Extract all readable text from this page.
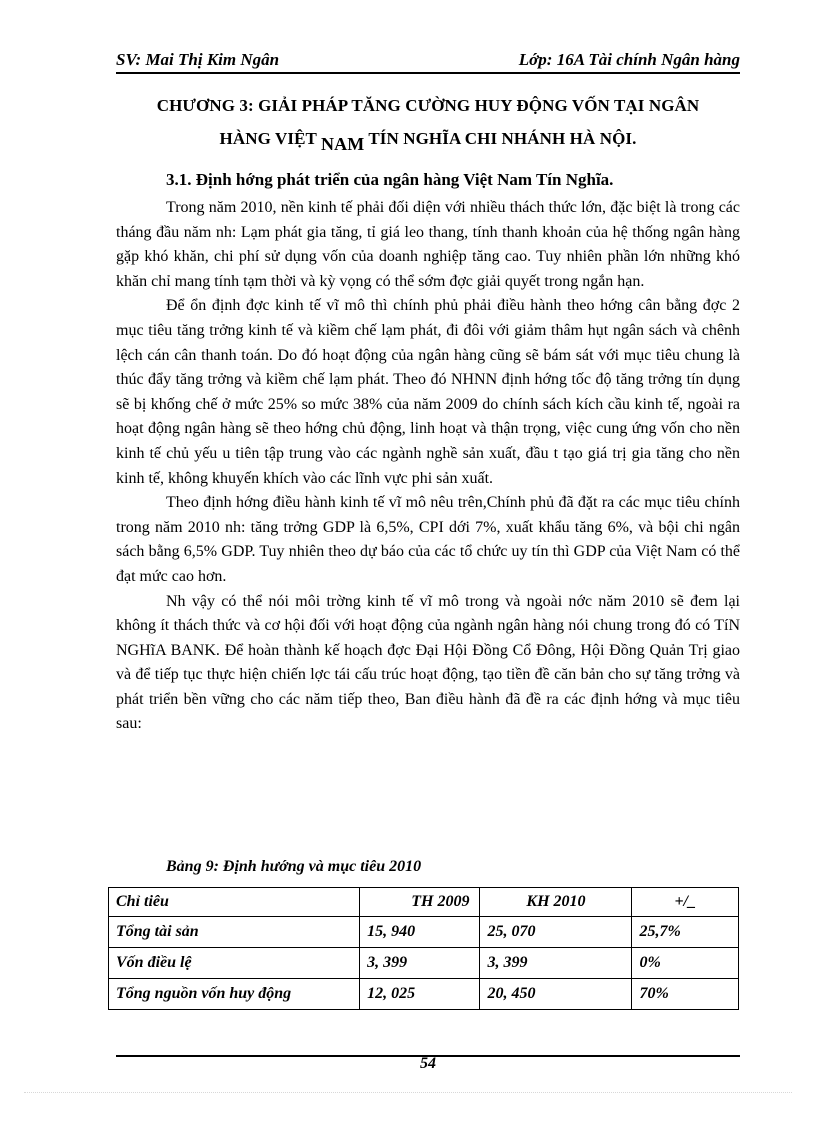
SV: Mai Thị Kim Ngân	Lớp: 16A Tài chính Ngân hàng
CHƯƠNG 3: GIẢI PHÁP TĂNG CƯỜNG HUY ĐỘNG VỐN TẠI NGÂN
HÀNG VIỆT NAM TÍN NGHĨA CHI NHÁNH HÀ NỘI.
3.1. Định hớng phát triển của ngân hàng Việt Nam Tín Nghĩa.

Trong năm 2010, nền kinh tế phải đối diện với nhiều thách thức lớn, đặc biệt là trong các tháng đầu năm nh: Lạm phát gia tăng, tỉ giá leo thang, tính thanh khoản của hệ thống ngân hàng gặp khó khăn, chi phí sử dụng vốn của doanh nghiệp tăng cao. Tuy nhiên phần lớn những khó khăn chỉ mang tính tạm thời và kỳ vọng có thể sớm đợc giải quyết trong ngắn hạn.

Để ổn định đợc kinh tế vĩ mô thì chính phủ phải điều hành theo hớng cân bằng đợc 2 mục tiêu tăng trởng kinh tế và kiềm chế lạm phát, đi đôi với giảm thâm hụt ngân sách và chênh lệch cán cân thanh toán. Do đó hoạt động của ngân hàng cũng sẽ bám sát với mục tiêu chung là thúc đẩy tăng trởng và kiềm chế lạm phát. Theo đó NHNN định hớng tốc độ tăng trởng tín dụng sẽ bị khống chế ở mức 25% so mức 38% của năm 2009 do chính sách kích cầu kinh tế, ngoài ra hoạt động ngân hàng sẽ theo hớng chủ động, linh hoạt và thận trọng, việc cung ứng vốn cho nền kinh tế chủ yếu u tiên tập trung vào các ngành nghề sản xuất, đầu t tạo giá trị gia tăng cho nền kinh tế, không khuyến khích vào các lĩnh vực phi sản xuất.

Theo định hớng điều hành kinh tế vĩ mô nêu trên,Chính phủ đã đặt ra các mục tiêu chính trong năm 2010 nh: tăng trởng GDP là 6,5%, CPI dới 7%, xuất khẩu tăng 6%, và bội chi ngân sách bằng 6,5% GDP. Tuy nhiên theo dự báo của các tổ chức uy tín thì GDP của Việt Nam có thể đạt mức cao hơn.

Nh vậy có thể nói môi trờng kinh tế vĩ mô trong và ngoài nớc năm 2010 sẽ đem lại không ít thách thức và cơ hội đối với hoạt động của ngành ngân hàng nói chung trong đó có TíN NGHĩA BANK. Để hoàn thành kế hoạch đợc Đại Hội Đồng Cổ Đông, Hội Đồng Quản Trị giao và để tiếp tục thực hiện chiến lợc tái cấu trúc hoạt động, tạo tiền đề căn bản cho sự tăng trởng và phát triển bền vững cho các năm tiếp theo, Ban điều hành đã đề ra các định hớng và mục tiêu sau:

Bảng 9: Định hướng và mục tiêu 2010
Chỉ tiêu	TH 2009	KH 2010	+/_
Tổng tài sản	15, 940	25, 070	25,7%
Vốn điều lệ	3, 399	3, 399	0%
Tổng nguồn vốn huy động	12, 025	20, 450	70%
54
